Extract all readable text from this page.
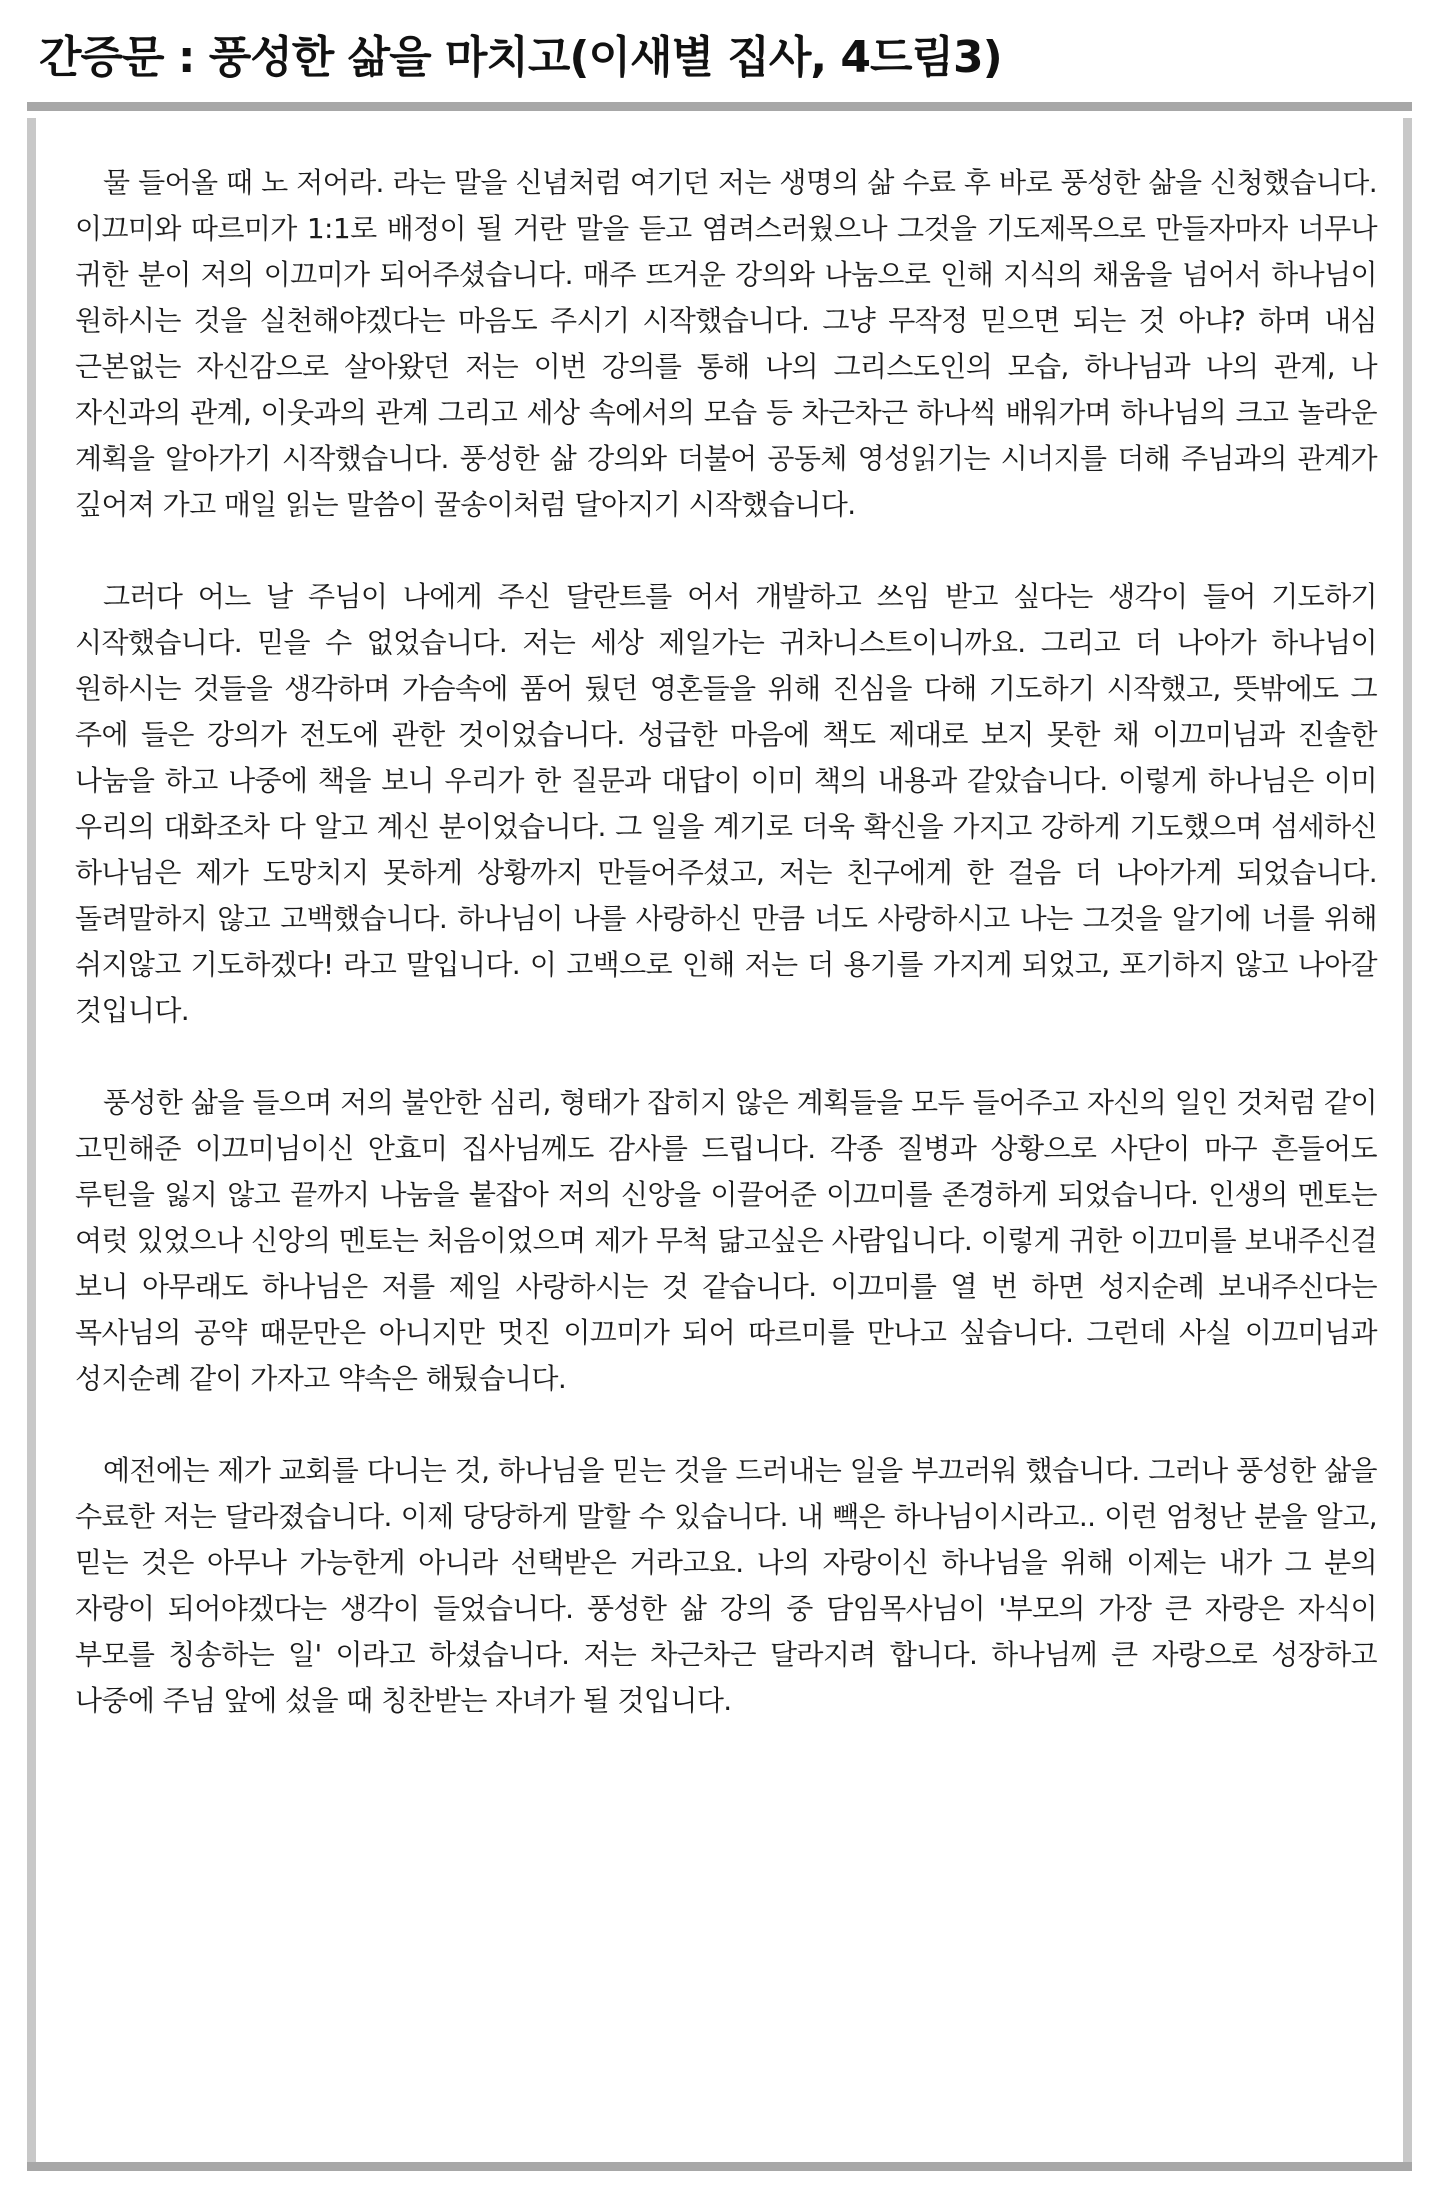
간증문 : 풍성한 삶을 마치고(이새별 집사, 4드림3)

물 들어올 때 노 저어라. 라는 말을 신념처럼 여기던 저는 생명의 삶 수료 후 바로 풍성한 삶을 신청했습니다. 이끄미와 따르미가 1:1로 배정이 될 거란 말을 듣고 염려스러웠으나 그것을 기도제목으로 만들자마자 너무나 귀한 분이 저의 이끄미가 되어주셨습니다. 매주 뜨거운 강의와 나눔으로 인해 지식의 채움을 넘어서 하나님이 원하시는 것을 실천해야겠다는 마음도 주시기 시작했습니다. 그냥 무작정 믿으면 되는 것 아냐? 하며 내심 근본없는 자신감으로 살아왔던 저는 이번 강의를 통해 나의 그리스도인의 모습, 하나님과 나의 관계, 나 자신과의 관계, 이웃과의 관계 그리고 세상 속에서의 모습 등 차근차근 하나씩 배워가며 하나님의 크고 놀라운 계획을 알아가기 시작했습니다. 풍성한 삶 강의와 더불어 공동체 영성읽기는 시너지를 더해 주님과의 관계가 깊어져 가고 매일 읽는 말씀이 꿀송이처럼 달아지기 시작했습니다.

그러다 어느 날 주님이 나에게 주신 달란트를 어서 개발하고 쓰임 받고 싶다는 생각이 들어 기도하기 시작했습니다. 믿을 수 없었습니다. 저는 세상 제일가는 귀차니스트이니까요. 그리고 더 나아가 하나님이 원하시는 것들을 생각하며 가슴속에 품어 뒀던 영혼들을 위해 진심을 다해 기도하기 시작했고, 뜻밖에도 그 주에 들은 강의가 전도에 관한 것이었습니다. 성급한 마음에 책도 제대로 보지 못한 채 이끄미님과 진솔한 나눔을 하고 나중에 책을 보니 우리가 한 질문과 대답이 이미 책의 내용과 같았습니다. 이렇게 하나님은 이미 우리의 대화조차 다 알고 계신 분이었습니다. 그 일을 계기로 더욱 확신을 가지고 강하게 기도했으며 섬세하신 하나님은 제가 도망치지 못하게 상황까지 만들어주셨고, 저는 친구에게 한 걸음 더 나아가게 되었습니다. 돌려말하지 않고 고백했습니다. 하나님이 나를 사랑하신 만큼 너도 사랑하시고 나는 그것을 알기에 너를 위해 쉬지않고 기도하겠다! 라고 말입니다. 이 고백으로 인해 저는 더 용기를 가지게 되었고, 포기하지 않고 나아갈 것입니다.

풍성한 삶을 들으며 저의 불안한 심리, 형태가 잡히지 않은 계획들을 모두 들어주고 자신의 일인 것처럼 같이 고민해준 이끄미님이신 안효미 집사님께도 감사를 드립니다. 각종 질병과 상황으로 사단이 마구 흔들어도 루틴을 잃지 않고 끝까지 나눔을 붙잡아 저의 신앙을 이끌어준 이끄미를 존경하게 되었습니다. 인생의 멘토는 여럿 있었으나 신앙의 멘토는 처음이었으며 제가 무척 닮고싶은 사람입니다. 이렇게 귀한 이끄미를 보내주신걸 보니 아무래도 하나님은 저를 제일 사랑하시는 것 같습니다. 이끄미를 열 번 하면 성지순례 보내주신다는 목사님의 공약 때문만은 아니지만 멋진 이끄미가 되어 따르미를 만나고 싶습니다. 그런데 사실 이끄미님과 성지순례 같이 가자고 약속은 해뒀습니다.

예전에는 제가 교회를 다니는 것, 하나님을 믿는 것을 드러내는 일을 부끄러워 했습니다. 그러나 풍성한 삶을 수료한 저는 달라졌습니다. 이제 당당하게 말할 수 있습니다. 내 빽은 하나님이시라고.. 이런 엄청난 분을 알고, 믿는 것은 아무나 가능한게 아니라 선택받은 거라고요. 나의 자랑이신 하나님을 위해 이제는 내가 그 분의 자랑이 되어야겠다는 생각이 들었습니다. 풍성한 삶 강의 중 담임목사님이 '부모의 가장 큰 자랑은 자식이 부모를 칭송하는 일' 이라고 하셨습니다. 저는 차근차근 달라지려 합니다. 하나님께 큰 자랑으로 성장하고 나중에 주님 앞에 섰을 때 칭찬받는 자녀가 될 것입니다.
